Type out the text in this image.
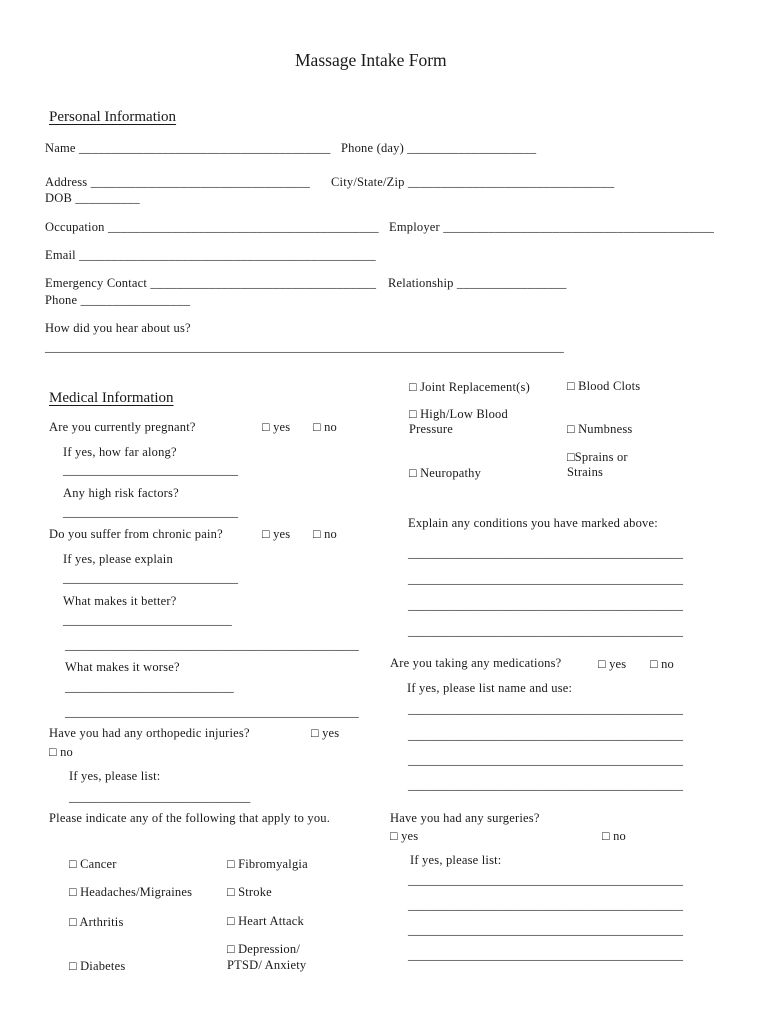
Massage Intake Form
Personal Information
Name _______________________________________ Phone (day) ____________________
Address __________________________________ City/State/Zip ________________________________
DOB __________
Occupation __________________________________________ Employer __________________________________________
Email ______________________________________________
Emergency Contact ___________________________________ Relationship _________________
Phone _________________
How did you hear about us?
___________________________________________________________________________________
Medical Information
Are you currently pregnant?	□ yes □ no
If yes, how far along?
____________________________
Any high risk factors?
____________________________
Do you suffer from chronic pain?	□ yes □ no
If yes, please explain
____________________________
What makes it better?
___________________________
_______________________________________________
What makes it worse?
___________________________
_______________________________________________
Have you had any orthopedic injuries?	□ yes
□ no
If yes, please list:
_____________________________
Please indicate any of the following that apply to you.
□ Cancer
□ Headaches/Migraines
□ Arthritis
□ Diabetes
□ Fibromyalgia
□ Stroke
□ Heart Attack
□ Depression/
PTSD/ Anxiety
□ Joint Replacement(s)	□ Blood Clots
□ High/Low Blood
Pressure	□ Numbness
□Sprains or
Strains
□ Neuropathy
Explain any conditions you have marked above:
____________________________________________
____________________________________________
____________________________________________
____________________________________________
Are you taking any medications?	□ yes □ no
If yes, please list name and use:
____________________________________________
____________________________________________
____________________________________________
____________________________________________
Have you had any surgeries?
□ yes	□ no
If yes, please list:
____________________________________________
____________________________________________
____________________________________________
____________________________________________
